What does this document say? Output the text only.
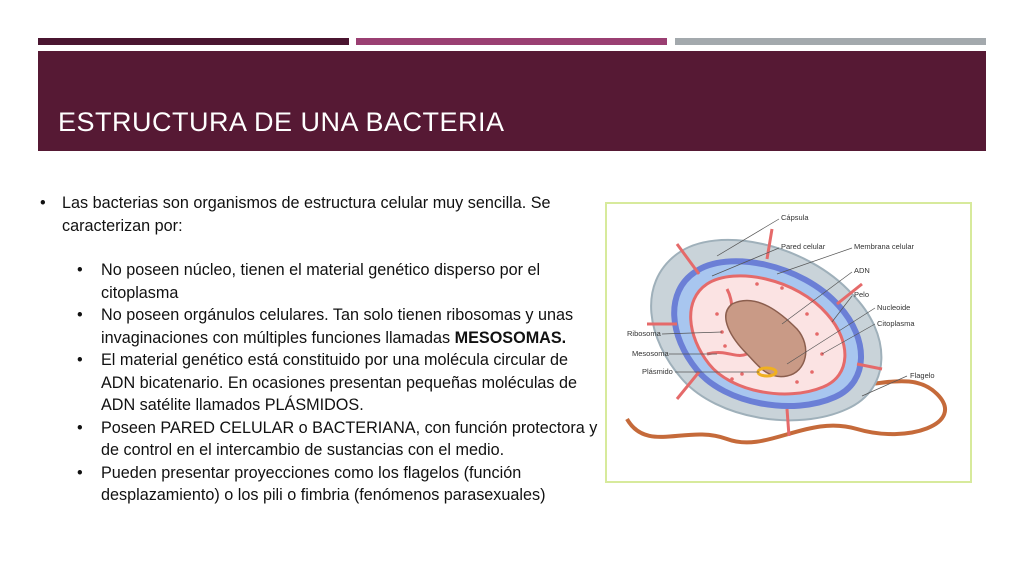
ESTRUCTURA DE UNA BACTERIA
• Las bacterias son organismos de estructura celular muy sencilla. Se caracterizan por:

• No poseen núcleo, tienen el material genético disperso por el citoplasma
• No poseen orgánulos celulares. Tan solo tienen ribosomas y unas invaginaciones con múltiples funciones llamadas MESOSOMAS.
• El material genético está constituido por una molécula circular de ADN bicatenario. En ocasiones presentan pequeñas moléculas de ADN satélite llamados PLÁSMIDOS.
• Poseen PARED CELULAR o BACTERIANA, con función protectora y de control en el intercambio de sustancias con el medio.
• Pueden presentar proyecciones como los flagelos (función desplazamiento) o los pili o fimbria (fenómenos parasexuales)
Cápsula
Pared celular	Membrana celular
ADN
Pelo
Nucleoide
Citoplasma
Ribosoma
Mesosoma
Plásmido	Flagelo
